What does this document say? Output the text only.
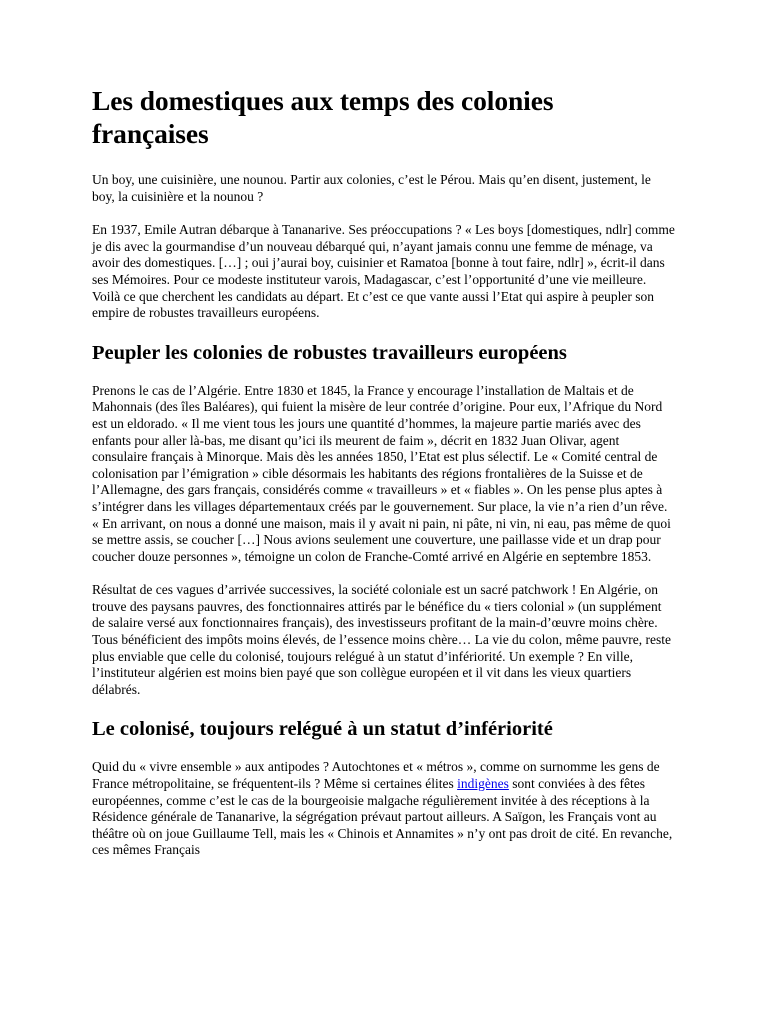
Les domestiques aux temps des colonies françaises

Un boy, une cuisinière, une nounou. Partir aux colonies, c’est le Pérou. Mais qu’en disent, justement, le boy, la cuisinière et la nounou ?

En 1937, Emile Autran débarque à Tananarive. Ses préoccupations ? « Les boys [domestiques, ndlr] comme je dis avec la gourmandise d’un nouveau débarqué qui, n’ayant jamais connu une femme de ménage, va avoir des domestiques. […] ; oui j’aurai boy, cuisinier et Ramatoa [bonne à tout faire, ndlr] », écrit-il dans ses Mémoires. Pour ce modeste instituteur varois, Madagascar, c’est l’opportunité d’une vie meilleure. Voilà ce que cherchent les candidats au départ. Et c’est ce que vante aussi l’Etat qui aspire à peupler son empire de robustes travailleurs européens.

Peupler les colonies de robustes travailleurs européens

Prenons le cas de l’Algérie. Entre 1830 et 1845, la France y encourage l’installation de Maltais et de Mahonnais (des îles Baléares), qui fuient la misère de leur contrée d’origine. Pour eux, l’Afrique du Nord est un eldorado. « Il me vient tous les jours une quantité d’hommes, la majeure partie mariés avec des enfants pour aller là-bas, me disant qu’ici ils meurent de faim », décrit en 1832 Juan Olivar, agent consulaire français à Minorque. Mais dès les années 1850, l’Etat est plus sélectif. Le « Comité central de colonisation par l’émigration » cible désormais les habitants des régions frontalières de la Suisse et de l’Allemagne, des gars français, considérés comme « travailleurs » et « fiables ». On les pense plus aptes à s’intégrer dans les villages départementaux créés par le gouvernement. Sur place, la vie n’a rien d’un rêve. « En arrivant, on nous a donné une maison, mais il y avait ni pain, ni pâte, ni vin, ni eau, pas même de quoi se mettre assis, se coucher […] Nous avions seulement une couverture, une paillasse vide et un drap pour coucher douze personnes », témoigne un colon de Franche-Comté arrivé en Algérie en septembre 1853.

Résultat de ces vagues d’arrivée successives, la société coloniale est un sacré patchwork ! En Algérie, on trouve des paysans pauvres, des fonctionnaires attirés par le bénéfice du « tiers colonial » (un supplément de salaire versé aux fonctionnaires français), des investisseurs profitant de la main-d’œuvre moins chère. Tous bénéficient des impôts moins élevés, de l’essence moins chère… La vie du colon, même pauvre, reste plus enviable que celle du colonisé, toujours relégué à un statut d’infériorité. Un exemple ? En ville, l’instituteur algérien est moins bien payé que son collègue européen et il vit dans les vieux quartiers délabrés.

Le colonisé, toujours relégué à un statut d’infériorité

Quid du « vivre ensemble » aux antipodes ? Autochtones et « métros », comme on surnomme les gens de France métropolitaine, se fréquentent-ils ? Même si certaines élites indigènes sont conviées à des fêtes européennes, comme c’est le cas de la bourgeoisie malgache régulièrement invitée à des réceptions à la Résidence générale de Tananarive, la ségrégation prévaut partout ailleurs. A Saïgon, les Français vont au théâtre où on joue Guillaume Tell, mais les « Chinois et Annamites » n’y ont pas droit de cité. En revanche, ces mêmes Français
